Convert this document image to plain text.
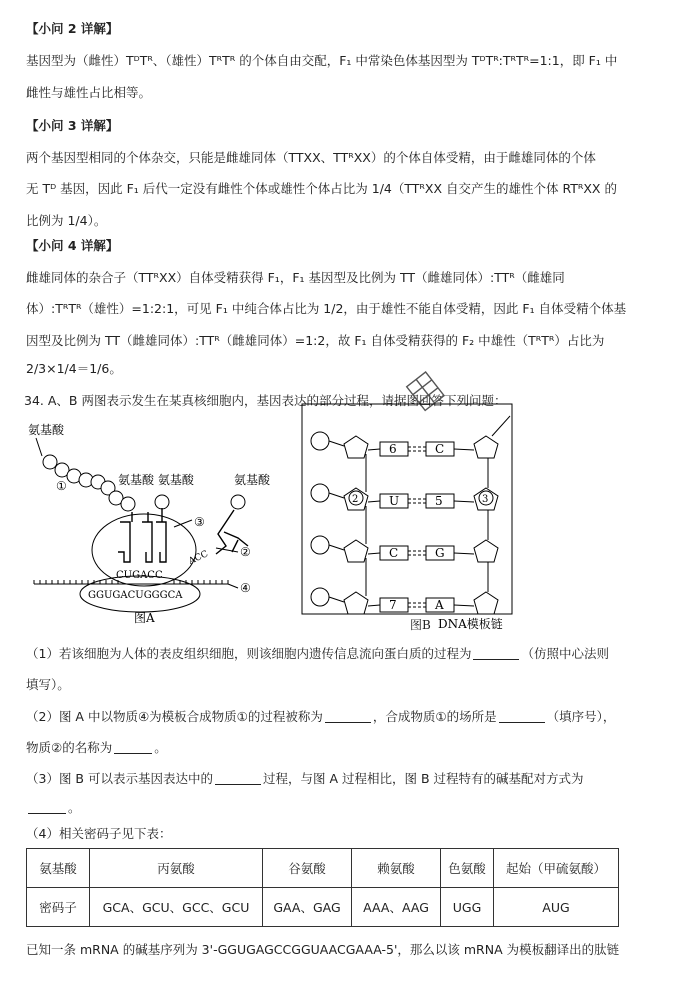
【小问 2 详解】
基因型为（雌性）TᴰTᴿ、（雄性）TᴿTᴿ 的个体自由交配，F₁ 中常染色体基因型为 TᴰTᴿ:TᴿTᴿ=1:1，即 F₁ 中
雌性与雄性占比相等。
【小问 3 详解】
两个基因型相同的个体杂交，只能是雌雄同体（TTXX、TTᴿXX）的个体自体受精，由于雌雄同体的个体
无 Tᴰ 基因，因此 F₁ 后代一定没有雌性个体或雄性个体占比为 1/4（TTᴿXX 自交产生的雄性个体 RTᴿXX 的
比例为 1/4）。
【小问 4 详解】
雌雄同体的杂合子（TTᴿXX）自体受精获得 F₁，F₁ 基因型及比例为 TT（雌雄同体）:TTᴿ（雌雄同
体）:TᴿTᴿ（雄性）=1:2:1，可见 F₁ 中纯合体占比为 1/2，由于雄性不能自体受精，因此 F₁ 自体受精个体基
因型及比例为 TT（雌雄同体）:TTᴿ（雌雄同体）=1:2，故 F₁ 自体受精获得的 F₂ 中雄性（TᴿTᴿ）占比为
2/3×1/4＝1/6。
34. A、B 两图表示发生在某真核细胞内，基因表达的部分过程，请据图回答下列问题：
氨基酸
①	氨基酸 氨基酸	氨基酸
③
ACC	②
CUGACC
GGUGACUGGGCA
④
图A
6
U
C
7
C
5
G
A
2	3
DNA模板链
图B
（1）若该细胞为人体的表皮组织细胞，则该细胞内遗传信息流向蛋白质的过程为	（仿照中心法则
填写）。
（2）图 A 中以物质④为模板合成物质①的过程被称为	，合成物质①的场所是	（填序号），
物质②的名称为	。
（3）图 B 可以表示基因表达中的	过程，与图 A 过程相比，图 B 过程特有的碱基配对方式为
。
（4）相关密码子见下表：
氨基酸	丙氨酸	谷氨酸	赖氨酸	色氨酸	起始（甲硫氨酸）
密码子	GCA、GCU、GCC、GCU	GAA、GAG	AAA、AAG	UGG	AUG
已知一条 mRNA 的碱基序列为 3'-GGUGAGCCGGUAACGAAA-5'，那么以该 mRNA 为模板翻译出的肽链
